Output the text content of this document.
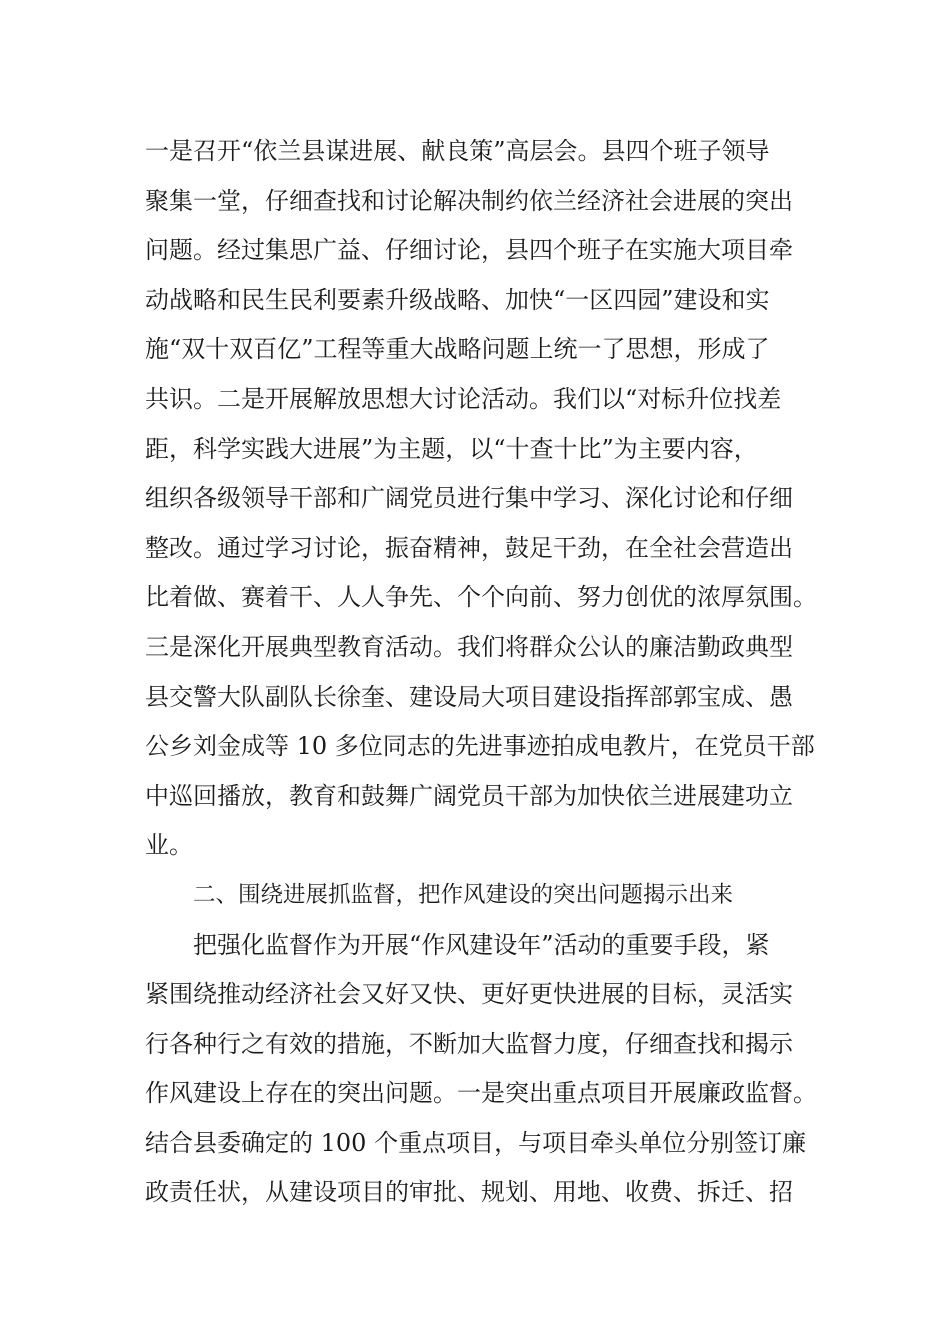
一是召开“依兰县谋进展、献良策”高层会。县四个班子领导
聚集一堂，仔细查找和讨论解决制约依兰经济社会进展的突出
问题。经过集思广益、仔细讨论，县四个班子在实施大项目牵
动战略和民生民利要素升级战略、加快“一区四园”建设和实
施“双十双百亿”工程等重大战略问题上统一了思想，形成了
共识。二是开展解放思想大讨论活动。我们以“对标升位找差
距，科学实践大进展”为主题，以“十查十比”为主要内容，
组织各级领导干部和广阔党员进行集中学习、深化讨论和仔细
整改。通过学习讨论，振奋精神，鼓足干劲，在全社会营造出
比着做、赛着干、人人争先、个个向前、努力创优的浓厚氛围。
三是深化开展典型教育活动。我们将群众公认的廉洁勤政典型
县交警大队副队长徐奎、建设局大项目建设指挥部郭宝成、愚
公乡刘金成等 10 多位同志的先进事迹拍成电教片，在党员干部
中巡回播放，教育和鼓舞广阔党员干部为加快依兰进展建功立
业。
二、围绕进展抓监督，把作风建设的突出问题揭示出来
把强化监督作为开展“作风建设年”活动的重要手段，紧
紧围绕推动经济社会又好又快、更好更快进展的目标，灵活实
行各种行之有效的措施，不断加大监督力度，仔细查找和揭示
作风建设上存在的突出问题。一是突出重点项目开展廉政监督。
结合县委确定的 100 个重点项目，与项目牵头单位分别签订廉
政责任状，从建设项目的审批、规划、用地、收费、拆迁、招
